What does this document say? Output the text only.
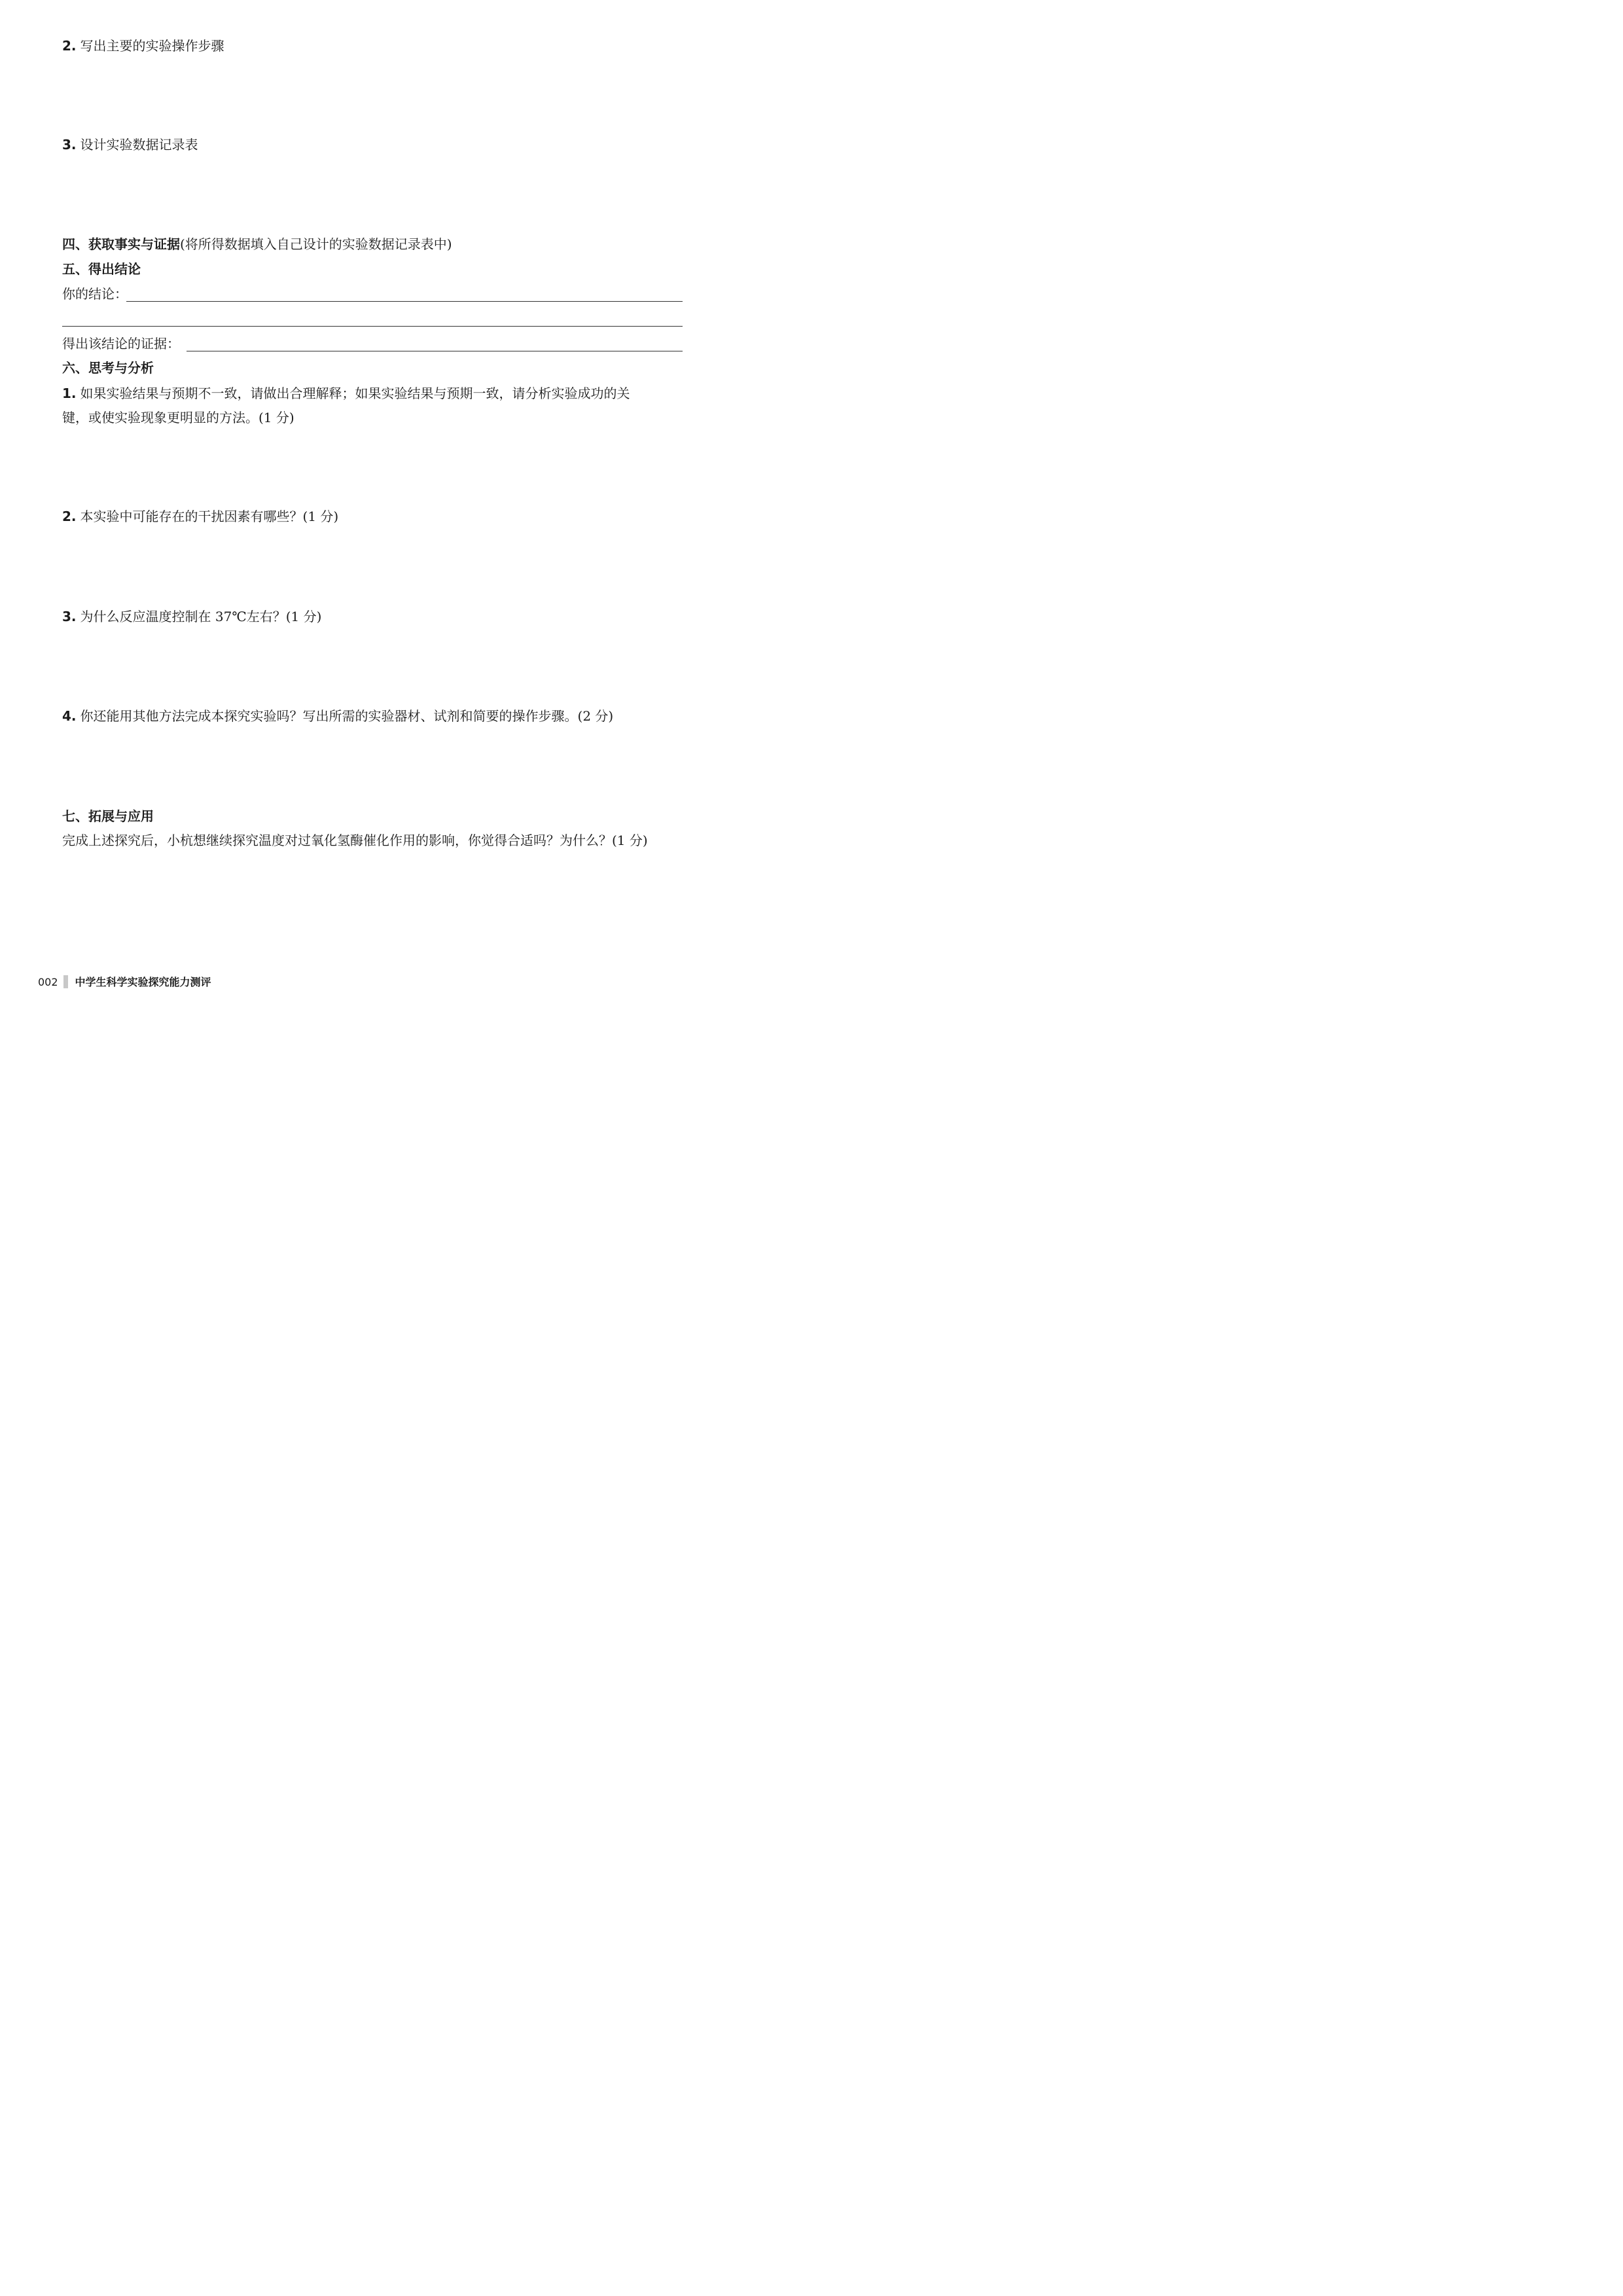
2. 写出主要的实验操作步骤
3. 设计实验数据记录表
四、获取事实与证据(将所得数据填入自己设计的实验数据记录表中)
五、得出结论
你的结论：
得出该结论的证据：
六、思考与分析
1. 如果实验结果与预期不一致，请做出合理解释；如果实验结果与预期一致，请分析实验成功的关
键，或使实验现象更明显的方法。(1 分)
2. 本实验中可能存在的干扰因素有哪些？(1 分)
3. 为什么反应温度控制在 37℃左右？(1 分)
4. 你还能用其他方法完成本探究实验吗？写出所需的实验器材、试剂和简要的操作步骤。(2 分)
七、拓展与应用
完成上述探究后，小杭想继续探究温度对过氧化氢酶催化作用的影响，你觉得合适吗？为什么？(1 分)
002 中学生科学实验探究能力测评
